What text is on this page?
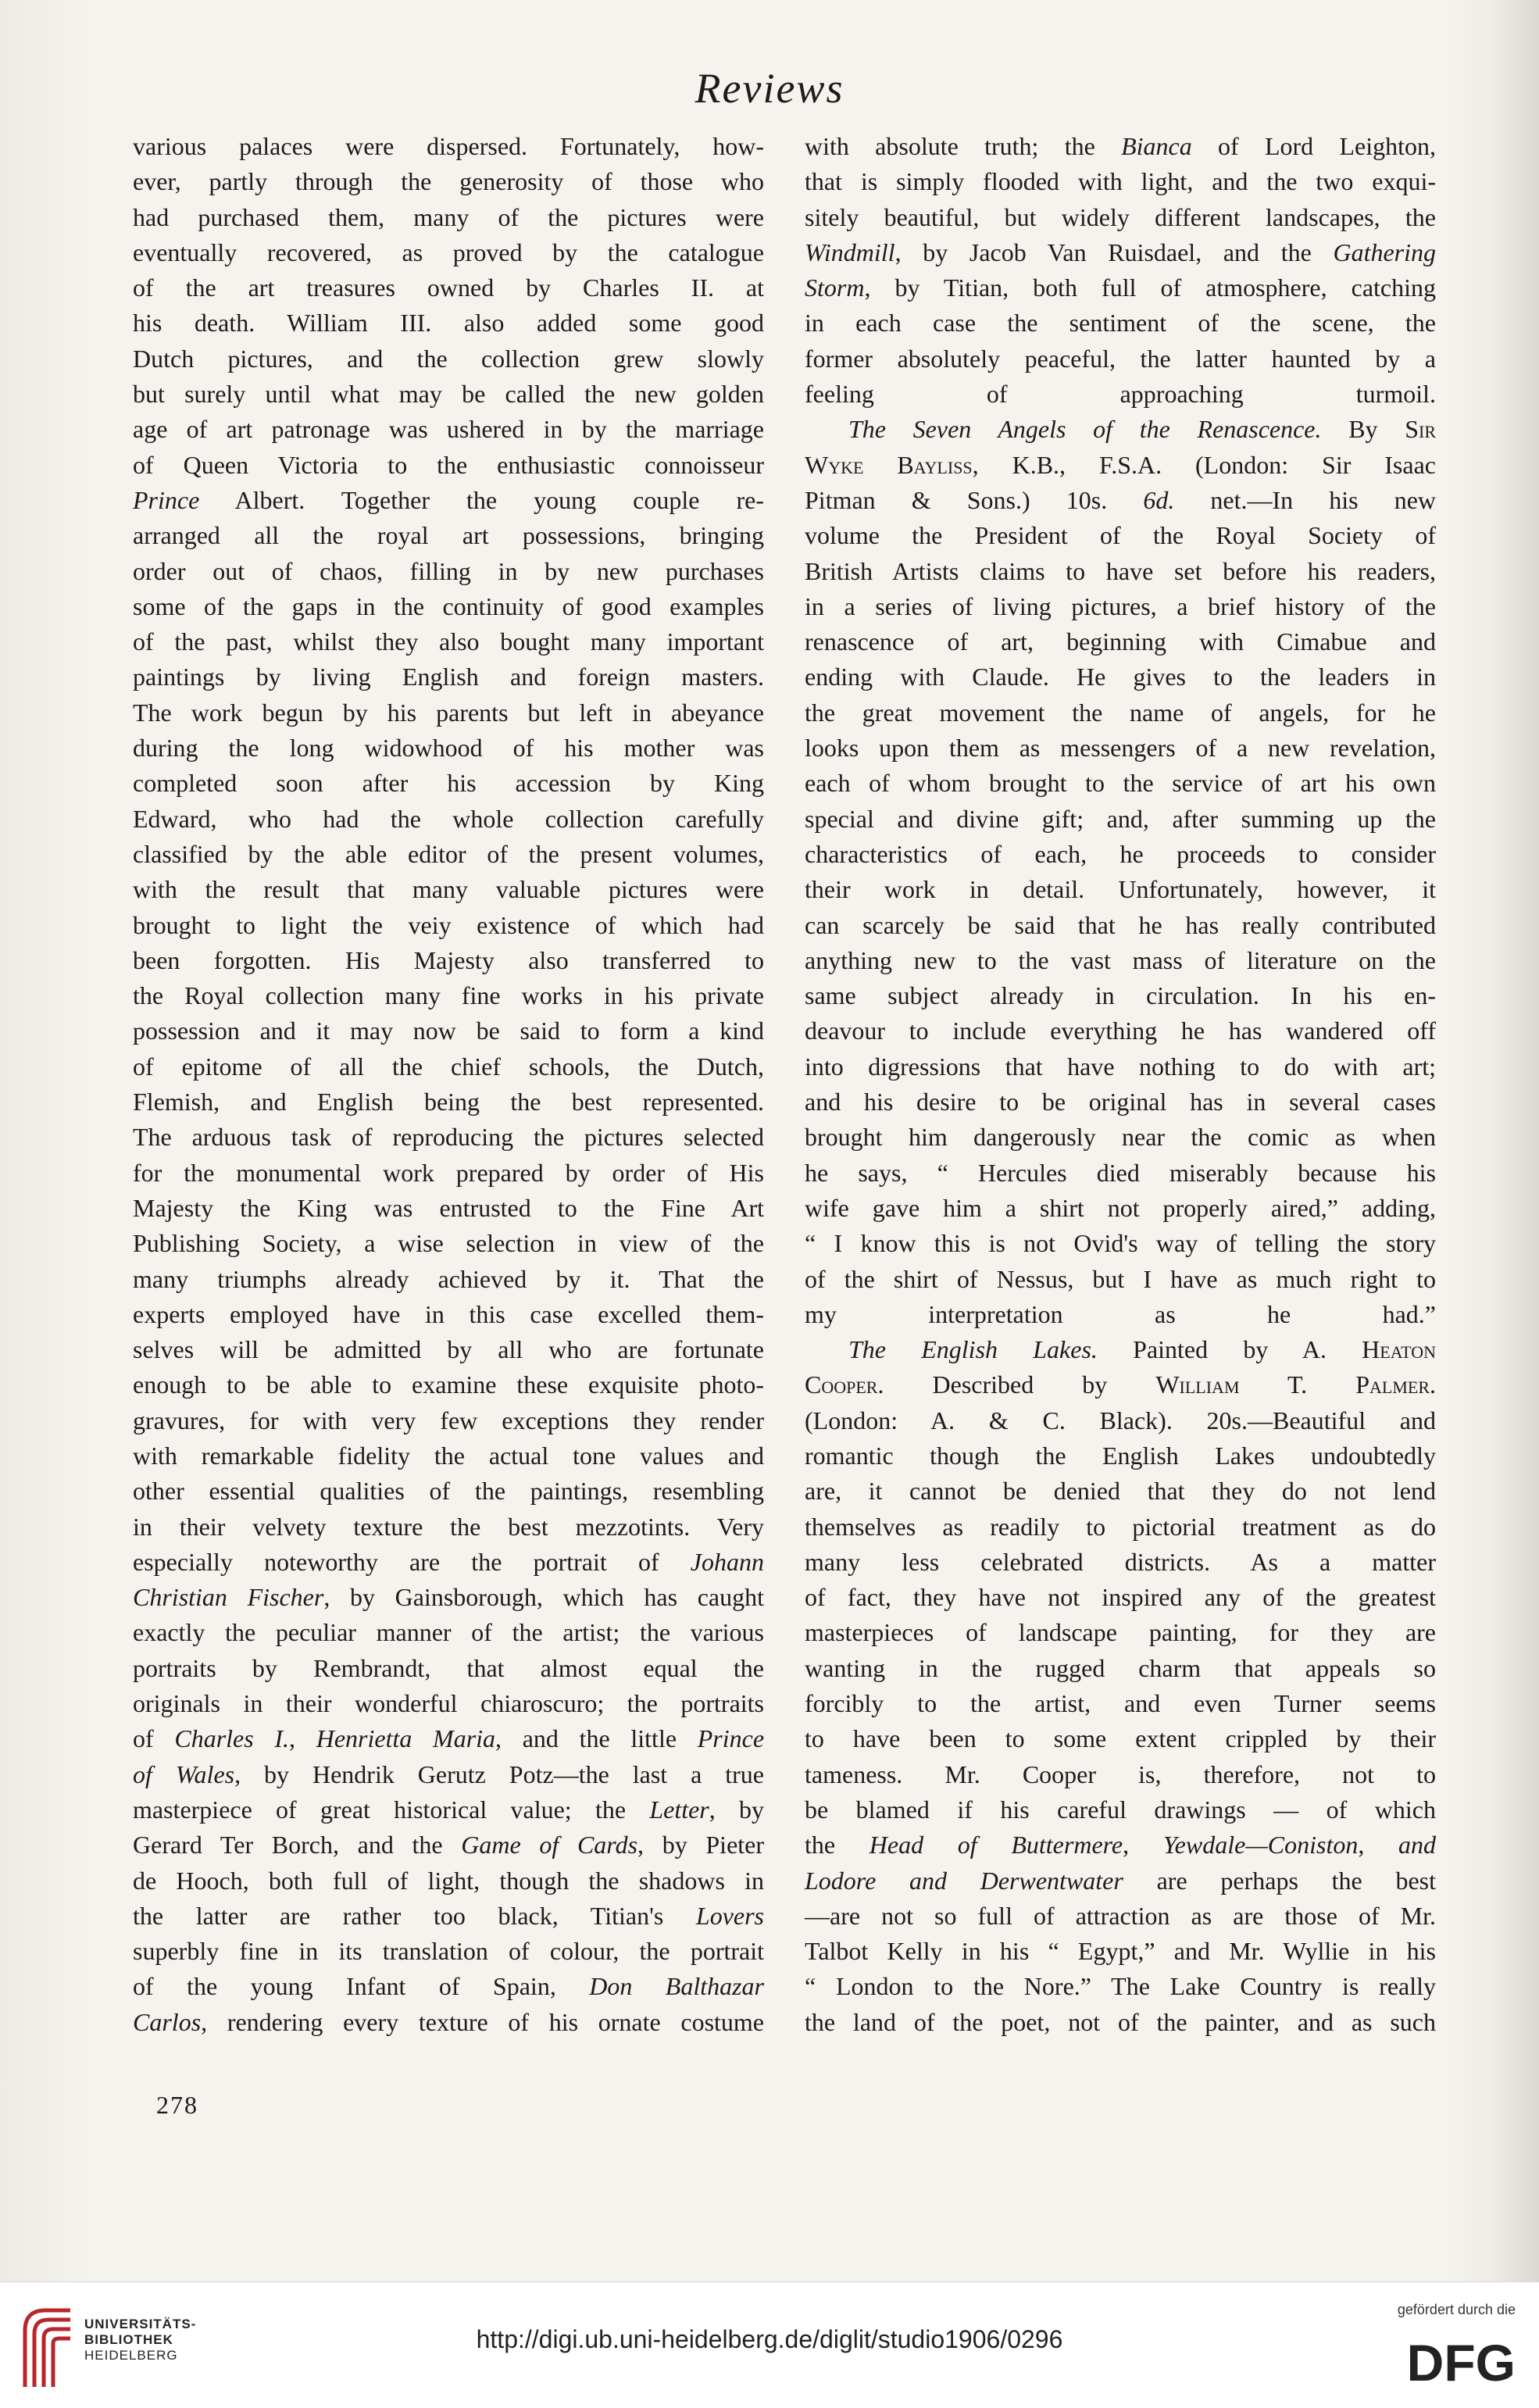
Reviews
various palaces were dispersed. Fortunately, how-
ever, partly through the generosity of those who
had purchased them, many of the pictures were
eventually recovered, as proved by the catalogue
of the art treasures owned by Charles II. at
his death. William III. also added some good
Dutch pictures, and the collection grew slowly
but surely until what may be called the new golden
age of art patronage was ushered in by the marriage
of Queen Victoria to the enthusiastic connoisseur
Prince Albert. Together the young couple re-
arranged all the royal art possessions, bringing
order out of chaos, filling in by new purchases
some of the gaps in the continuity of good examples
of the past, whilst they also bought many important
paintings by living English and foreign masters.
The work begun by his parents but left in abeyance
during the long widowhood of his mother was
completed soon after his accession by King
Edward, who had the whole collection carefully
classified by the able editor of the present volumes,
with the result that many valuable pictures were
brought to light the veiy existence of which had
been forgotten. His Majesty also transferred to
the Royal collection many fine works in his private
possession and it may now be said to form a kind
of epitome of all the chief schools, the Dutch,
Flemish, and English being the best represented.
The arduous task of reproducing the pictures selected
for the monumental work prepared by order of His
Majesty the King was entrusted to the Fine Art
Publishing Society, a wise selection in view of the
many triumphs already achieved by it. That the
experts employed have in this case excelled them-
selves will be admitted by all who are fortunate
enough to be able to examine these exquisite photo-
gravures, for with very few exceptions they render
with remarkable fidelity the actual tone values and
other essential qualities of the paintings, resembling
in their velvety texture the best mezzotints. Very
especially noteworthy are the portrait of Johann
Christian Fischer, by Gainsborough, which has caught
exactly the peculiar manner of the artist; the various
portraits by Rembrandt, that almost equal the
originals in their wonderful chiaroscuro; the portraits
of Charles I., Henrietta Maria, and the little Prince
of Wales, by Hendrik Gerutz Potz—the last a true
masterpiece of great historical value; the Letter, by
Gerard Ter Borch, and the Game of Cards, by Pieter
de Hooch, both full of light, though the shadows in
the latter are rather too black, Titian's Lovers
superbly fine in its translation of colour, the portrait
of the young Infant of Spain, Don Balthazar
Carlos, rendering every texture of his ornate costume
with absolute truth; the Bianca of Lord Leighton,
that is simply flooded with light, and the two exqui-
sitely beautiful, but widely different landscapes, the
Windmill, by Jacob Van Ruisdael, and the Gathering
Storm, by Titian, both full of atmosphere, catching
in each case the sentiment of the scene, the
former absolutely peaceful, the latter haunted by a
feeling of approaching turmoil.
The Seven Angels of the Renascence. By Sir
Wyke Bayliss, K.B., F.S.A. (London: Sir Isaac
Pitman & Sons.) 10s. 6d. net.—In his new
volume the President of the Royal Society of
British Artists claims to have set before his readers,
in a series of living pictures, a brief history of the
renascence of art, beginning with Cimabue and
ending with Claude. He gives to the leaders in
the great movement the name of angels, for he
looks upon them as messengers of a new revelation,
each of whom brought to the service of art his own
special and divine gift; and, after summing up the
characteristics of each, he proceeds to consider
their work in detail. Unfortunately, however, it
can scarcely be said that he has really contributed
anything new to the vast mass of literature on the
same subject already in circulation. In his en-
deavour to include everything he has wandered off
into digressions that have nothing to do with art;
and his desire to be original has in several cases
brought him dangerously near the comic as when
he says, “ Hercules died miserably because his
wife gave him a shirt not properly aired,” adding,
“ I know this is not Ovid's way of telling the story
of the shirt of Nessus, but I have as much right to
my interpretation as he had.”
The English Lakes. Painted by A. Heaton
Cooper. Described by William T. Palmer.
(London: A. & C. Black). 20s.—Beautiful and
romantic though the English Lakes undoubtedly
are, it cannot be denied that they do not lend
themselves as readily to pictorial treatment as do
many less celebrated districts. As a matter
of fact, they have not inspired any of the greatest
masterpieces of landscape painting, for they are
wanting in the rugged charm that appeals so
forcibly to the artist, and even Turner seems
to have been to some extent crippled by their
tameness. Mr. Cooper is, therefore, not to
be blamed if his careful drawings — of which
the Head of Buttermere, Yewdale—Coniston, and
Lodore and Derwentwater are perhaps the best
—are not so full of attraction as are those of Mr.
Talbot Kelly in his “ Egypt,” and Mr. Wyllie in his
“ London to the Nore.” The Lake Country is really
the land of the poet, not of the painter, and as such
278
UNIVERSITÄTS-
BIBLIOTHEK
HEIDELBERG
http://digi.ub.uni-heidelberg.de/diglit/studio1906/0296
gefördert durch die
DFG
